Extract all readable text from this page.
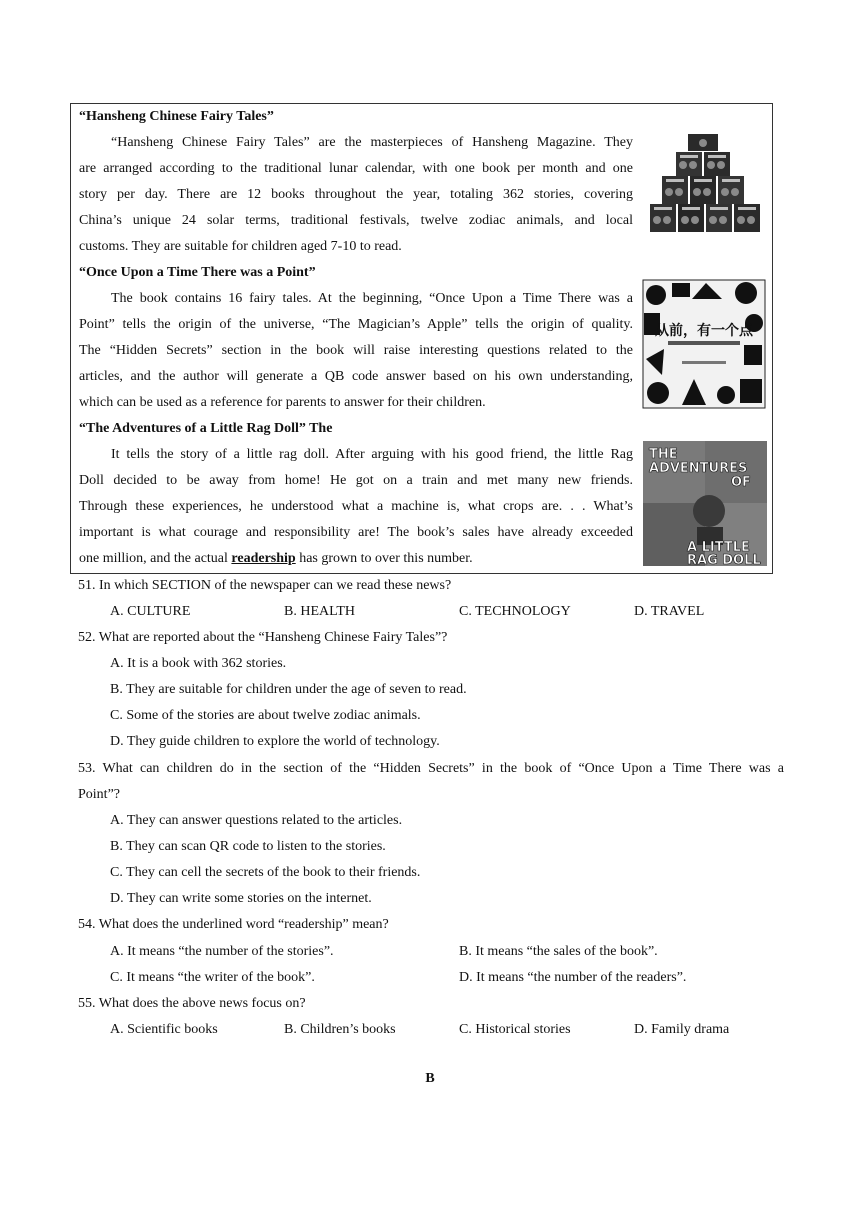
“Hansheng Chinese Fairy Tales”
“Hansheng Chinese Fairy Tales” are the masterpieces of Hansheng Magazine. They
are arranged according to the traditional lunar calendar, with one book per month and one
story per day. There are 12 books throughout the year, totaling 362 stories, covering
China’s unique 24 solar terms, traditional festivals, twelve zodiac animals, and local
customs. They are suitable for children aged 7-10 to read.
“Once Upon a Time There was a Point”
The book contains 16 fairy tales. At the beginning, “Once Upon a Time There was a
Point” tells the origin of the universe, “The Magician’s Apple” tells the origin of quality.
The “Hidden Secrets” section in the book will raise interesting questions related to the
articles, and the author will generate a QB code answer based on his own understanding,
which can be used as a reference for parents to answer for their children.
“The Adventures of a Little Rag Doll” The
It tells the story of a little rag doll. After arguing with his good friend, the little Rag
Doll decided to be away from home! He got on a train and met many new friends.
Through these experiences, he understood what a machine is, what crops are. . . What’s
important is what courage and responsibility are! The book’s sales have already exceeded
one million, and the actual readership has grown to over this number.
从前，有一个点
THE
ADVENTURES
OF
A LITTLE
RAG DOLL
51. In which SECTION of the newspaper can we read these news?
A. CULTURE	B. HEALTH	C. TECHNOLOGY	D. TRAVEL
52. What are reported about the “Hansheng Chinese Fairy Tales”?
A. It is a book with 362 stories.
B. They are suitable for children under the age of seven to read.
C. Some of the stories are about twelve zodiac animals.
D. They guide children to explore the world of technology.
53. What can children do in the section of the “Hidden Secrets” in the book of “Once Upon a Time There was a
Point”?
A. They can answer questions related to the articles.
B. They can scan QR code to listen to the stories.
C. They can cell the secrets of the book to their friends.
D. They can write some stories on the internet.
54. What does the underlined word “readership” mean?
A. It means “the number of the stories”.	B. It means “the sales of the book”.
C. It means “the writer of the book”.	D. It means “the number of the readers”.
55. What does the above news focus on?
A. Scientific books	B. Children’s books	C. Historical stories	D. Family drama
B
